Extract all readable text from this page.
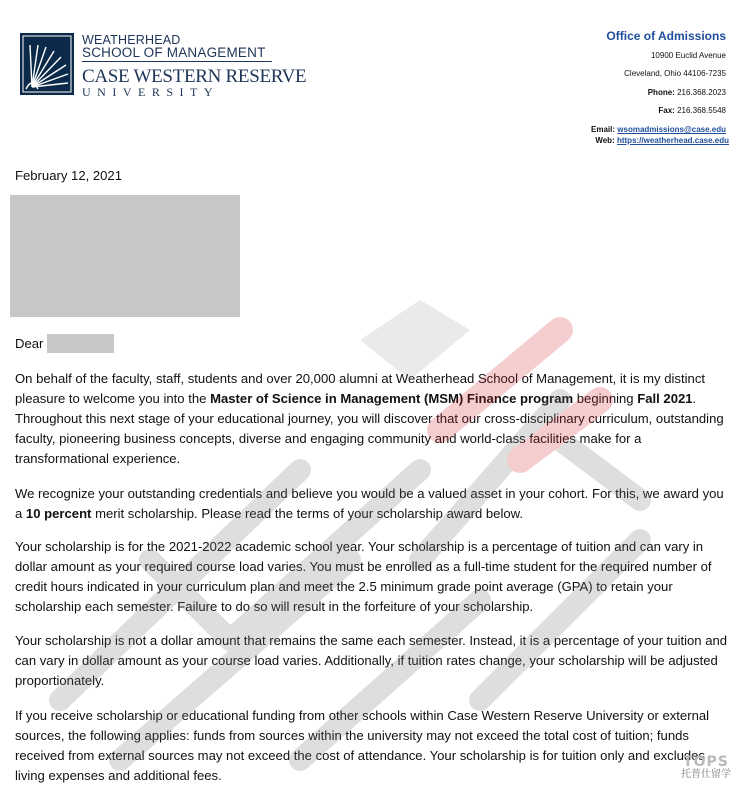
WEATHERHEAD
SCHOOL OF MANAGEMENT
CASE WESTERN RESERVE
UNIVERSITY
Office of Admissions
10900 Euclid Avenue
Cleveland, Ohio 44106-7235
Phone: 216.368.2023
Fax: 216.368.5548
Email: wsomadmissions@case.edu
Web: https://weatherhead.case.edu
February 12, 2021
Dear
On behalf of the faculty, staff, students and over 20,000 alumni at Weatherhead School of Management, it is my distinct pleasure to welcome you into the Master of Science in Management (MSM) Finance program beginning Fall 2021. Throughout this next stage of your educational journey, you will discover that our cross-disciplinary curriculum, outstanding faculty, pioneering business concepts, diverse and engaging community and world-class facilities make for a transformational experience.
We recognize your outstanding credentials and believe you would be a valued asset in your cohort. For this, we award you a 10 percent merit scholarship. Please read the terms of your scholarship award below.
Your scholarship is for the 2021-2022 academic school year. Your scholarship is a percentage of tuition and can vary in dollar amount as your required course load varies. You must be enrolled as a full-time student for the required number of credit hours indicated in your curriculum plan and meet the 2.5 minimum grade point average (GPA) to retain your scholarship each semester. Failure to do so will result in the forfeiture of your scholarship.
Your scholarship is not a dollar amount that remains the same each semester. Instead, it is a percentage of your tuition and can vary in dollar amount as your course load varies. Additionally, if tuition rates change, your scholarship will be adjusted proportionately.
If you receive scholarship or educational funding from other schools within Case Western Reserve University or external sources, the following applies: funds from sources within the university may not exceed the total cost of tuition; funds received from external sources may not exceed the cost of attendance. Your scholarship is for tuition only and excludes living expenses and additional fees.
TOPS
托普仕留学
